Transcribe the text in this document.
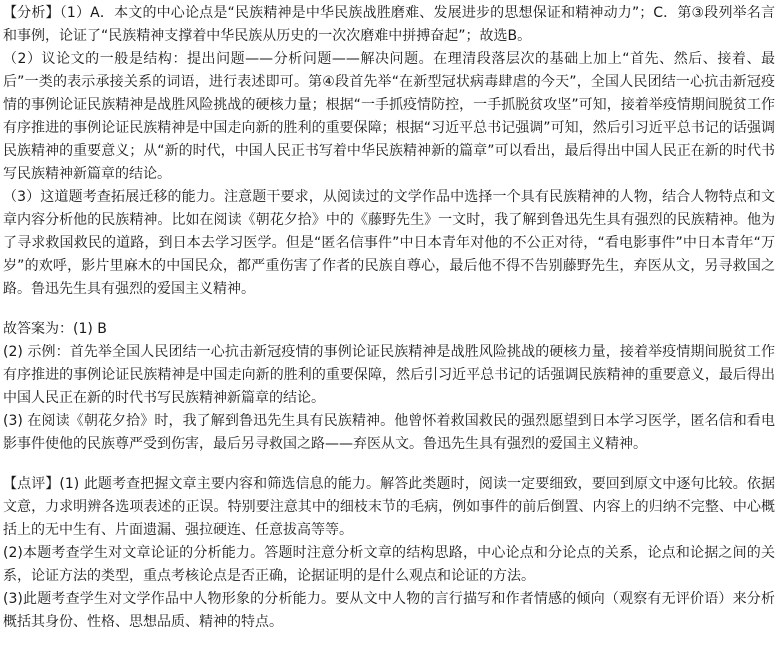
【分析】（1）A．本文的中心论点是“民族精神是中华民族战胜磨难、发展进步的思想保证和精神动力”；C．第③段列举名言和事例，论证了“民族精神支撑着中华民族从历史的一次次磨难中拼搏奋起”；故选B。

（2）议论文的一般是结构：提出问题——分析问题——解决问题。在理清段落层次的基础上加上“首先、然后、接着、最后”一类的表示承接关系的词语，进行表述即可。第④段首先举“在新型冠状病毒肆虐的今天”，全国人民团结一心抗击新冠疫情的事例论证民族精神是战胜风险挑战的硬核力量；根据“一手抓疫情防控，一手抓脱贫攻坚”可知，接着举疫情期间脱贫工作有序推进的事例论证民族精神是中国走向新的胜利的重要保障；根据“习近平总书记强调”可知，然后引习近平总书记的话强调民族精神的重要意义；从“新的时代，中国人民正书写着中华民族精神新的篇章”可以看出，最后得出中国人民正在新的时代书写民族精神新篇章的结论。

（3）这道题考查拓展迁移的能力。注意题干要求，从阅读过的文学作品中选择一个具有民族精神的人物，结合人物特点和文章内容分析他的民族精神。比如在阅读《朝花夕拾》中的《藤野先生》一文时，我了解到鲁迅先生具有强烈的民族精神。他为了寻求救国救民的道路，到日本去学习医学。但是“匿名信事件”中日本青年对他的不公正对待，“看电影事件”中日本青年“万岁”的欢呼，影片里麻木的中国民众，都严重伤害了作者的民族自尊心，最后他不得不告别藤野先生，弃医从文，另寻救国之路。鲁迅先生具有强烈的爱国主义精神。

故答案为：(1) B

(2) 示例：首先举全国人民团结一心抗击新冠疫情的事例论证民族精神是战胜风险挑战的硬核力量，接着举疫情期间脱贫工作有序推进的事例论证民族精神是中国走向新的胜利的重要保障，然后引习近平总书记的话强调民族精神的重要意义，最后得出中国人民正在新的时代书写民族精神新篇章的结论。

(3) 在阅读《朝花夕拾》时，我了解到鲁迅先生具有民族精神。他曾怀着救国救民的强烈愿望到日本学习医学，匿名信和看电影事件使他的民族尊严受到伤害，最后另寻救国之路——弃医从文。鲁迅先生具有强烈的爱国主义精神。

【点评】(1) 此题考查把握文章主要内容和筛选信息的能力。解答此类题时，阅读一定要细致，要回到原文中逐句比较。依据文意，力求明辨各选项表述的正误。特别要注意其中的细枝末节的毛病，例如事件的前后倒置、内容上的归纳不完整、中心概括上的无中生有、片面遗漏、强拉硬连、任意拔高等等。

(2)本题考查学生对文章论证的分析能力。答题时注意分析文章的结构思路，中心论点和分论点的关系，论点和论据之间的关系，论证方法的类型，重点考核论点是否正确，论据证明的是什么观点和论证的方法。

(3)此题考查学生对文学作品中人物形象的分析能力。要从文中人物的言行描写和作者情感的倾向（观察有无评价语）来分析概括其身份、性格、思想品质、精神的特点。
